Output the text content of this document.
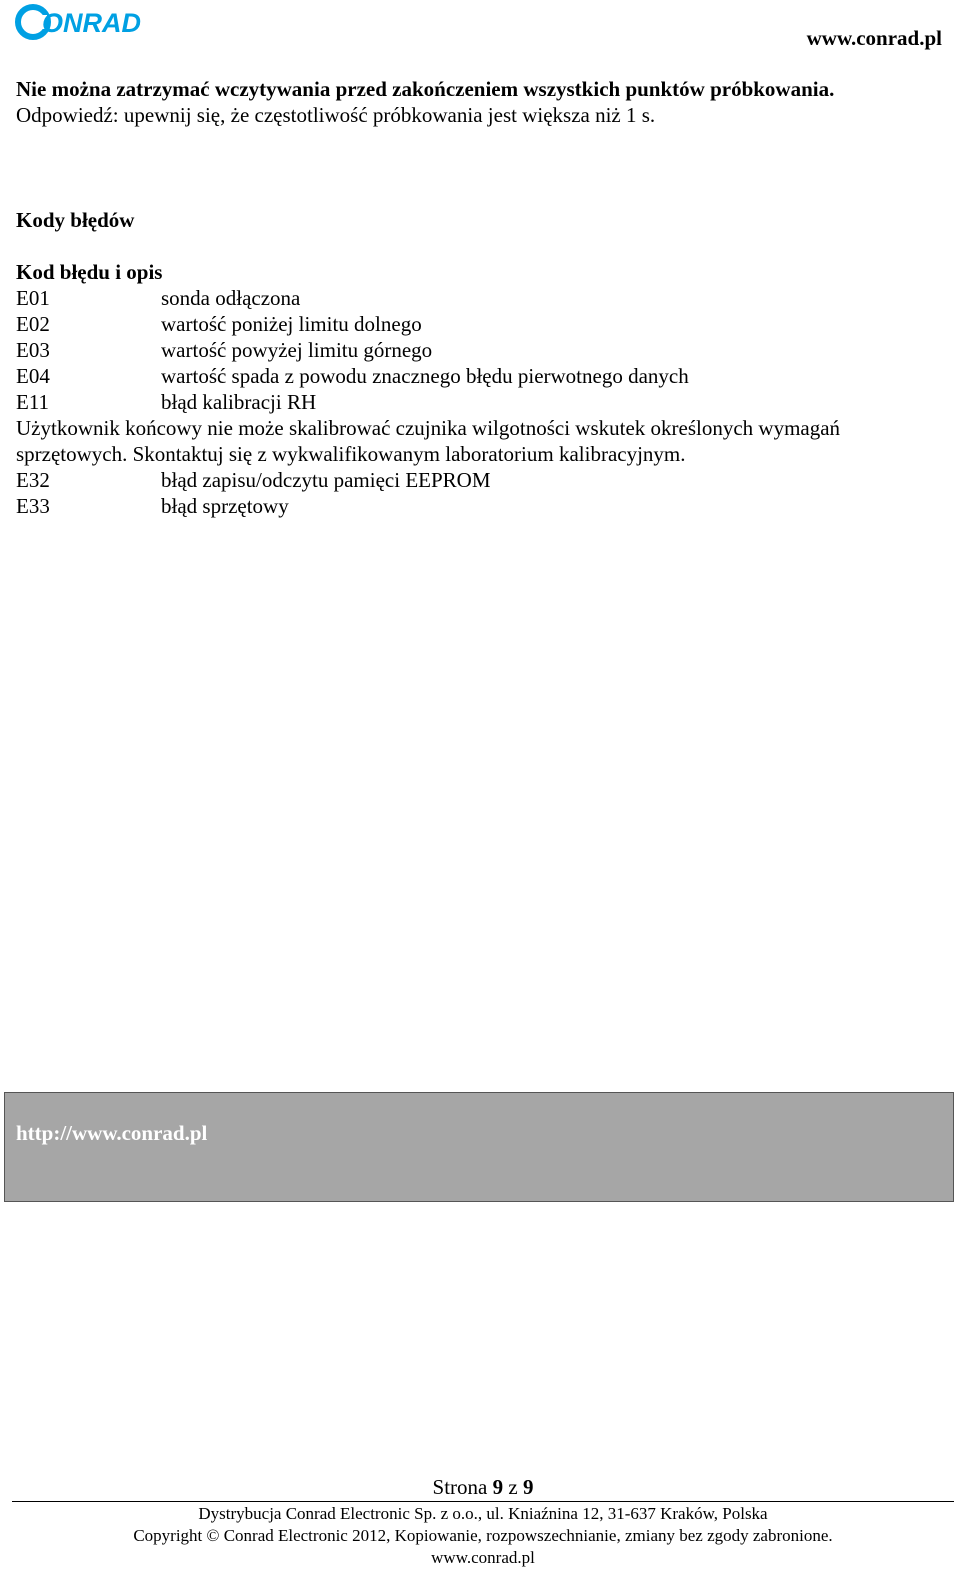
ONRAD	www.conrad.pl
Nie można zatrzymać wczytywania przed zakończeniem wszystkich punktów próbkowania.
Odpowiedź: upewnij się, że częstotliwość próbkowania jest większa niż 1 s.
Kody błędów
Kod błędu i opis
E01	sonda odłączona
E02	wartość poniżej limitu dolnego
E03	wartość powyżej limitu górnego
E04	wartość spada z powodu znacznego błędu pierwotnego danych
E11	błąd kalibracji RH
Użytkownik końcowy nie może skalibrować czujnika wilgotności wskutek określonych wymagań sprzętowych. Skontaktuj się z wykwalifikowanym laboratorium kalibracyjnym.
E32	błąd zapisu/odczytu pamięci EEPROM
E33	błąd sprzętowy
http://www.conrad.pl
Strona 9 z 9
Dystrybucja Conrad Electronic Sp. z o.o., ul. Kniaźnina 12, 31-637 Kraków, Polska
Copyright © Conrad Electronic 2012, Kopiowanie, rozpowszechnianie, zmiany bez zgody zabronione.
www.conrad.pl
